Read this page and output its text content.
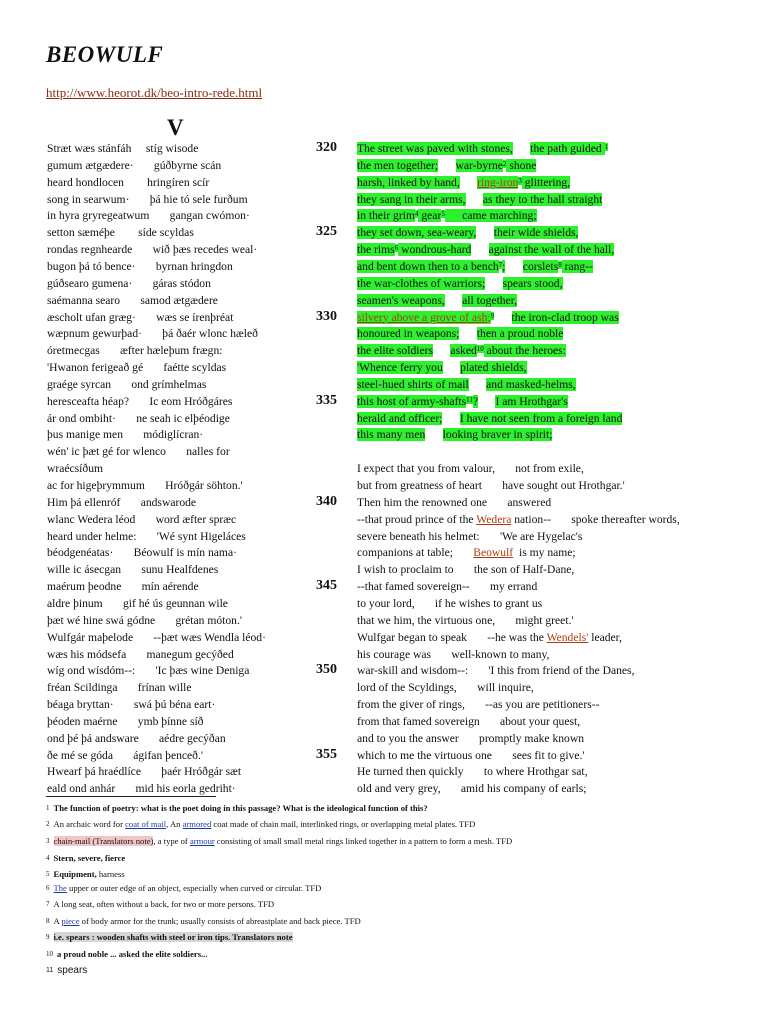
BEOWULF
http://www.heorot.dk/beo-intro-rede.html
V
Stræt wæs stánfáh     stíg wisode	320 The street was paved with stones, the path guided $^1$
gumum ætgædere·       gúðbyrne scán	the men together; war-byrne$^2$ shone
heard hondlocen        hringíren scír	harsh, linked by hand, ring-iron$^3$ glittering,
song in searwum·       þá hie tó sele furðum	they sang in their arms, as they to the hall straight
in hyra gryregeatwum       gangan cwómon·	in their grim$^4$ gear$^5$      came marching;
setton sæméþe        síde scyldas	325 they set down, sea-weary, their wide shields,
rondas regnhearde       wið þæs recedes weal·	the rims$^6$ wondrous-hard against the wall of the hall,
bugon þá tó bence·       byrnan hringdon	and bent down then to a bench$^7$; corslets$^8$ rang--
gúðsearo gumena·       gáras stódon	the war-clothes of warriors; spears stood,
saémanna searo       samod ætgædere	seamen's weapons, all together,
æscholt ufan græg·       wæs se írenþréat	330 silvery above a grove of ash;$^9$ the iron-clad troop was
wæpnum gewurþad·       þá ðaér wlonc hæleð	honoured in weapons; then a proud noble
óretmecgas       æfter hæleþum frægn:	the elite soldiers asked$^{10}$ about the heroes:
'Hwanon ferigeað gé       faétte scyldas	'Whence ferry you plated shields,
graége syrcan       ond grímhelmas	steel-hued shirts of mail and masked-helms,
heresceafta héap?       Ic eom Hróðgáres	335 this host of army-shafts$^{11}$? I am Hrothgar's
ár ond ombiht·       ne seah ic elþéodige	herald and officer; I have not seen from a foreign land
þus manige men       módiglícran·	this many men looking braver in spirit;
wén' ic þæt gé for wlenco       nalles for
wraécsíðum	I expect that you from valour,       not from exile,
ac for higeþrymmum       Hróðgár söhton.'	but from greatness of heart       have sought out Hrothgar.'
Him þá ellenróf       andswarode	340 Then him the renowned one       answered
wlanc Wedera léod       word æfter spræc	--that proud prince of the Wedera nation--       spoke thereafter words,
heard under helme:       'Wé synt Higeláces	severe beneath his helmet:       'We are Hygelac's
béodgenéatas·       Béowulf is mín nama·	companions at table;       Beowulf  is my name;
wille ic ásecgan       sunu Healfdenes	I wish to proclaim to       the son of Half-Dane,
maérum þeodne       mín aérende	345 --that famed sovereign--       my errand
aldre þinum       gif hé ús geunnan wile	to your lord,       if he wishes to grant us
þæt wé hine swá gódne       grétan móton.'	that we him, the virtuous one,       might greet.'
Wulfgár maþelode       --þæt wæs Wendla léod·	Wulfgar began to speak       --he was the Wendels' leader,
wæs his módsefa       manegum gecýðed	his courage was       well-known to many,
wíg ond wísdóm--:       'Ic þæs wine Deniga	350 war-skill and wisdom--:       'I this from friend of the Danes,
fréan Scildinga       frínan wille	lord of the Scyldings,       will inquire,
béaga bryttan·       swá þú béna eart·	from the giver of rings,       --as you are petitioners--
þéoden maérne       ymb þínne síð	from that famed sovereign       about your quest,
ond þé þá andsware       aédre gecýðan	and to you the answer       promptly make known
ðe mé se góda       ágifan þenceð.'	355 which to me the virtuous one       sees fit to give.'
Hwearf þá hraédlíce       þaér Hróðgár sæt	He turned then quickly       to where Hrothgar sat,
eald ond anhár       mid his eorla gedriht·	old and very grey,       amid his company of earls;
$^1$ The function of poetry: what is the poet doing in this passage? What is the ideological function of this?
$^2$ An archaic word for coat of mail, An armored coat made of chain mail, interlinked rings, or overlapping metal plates. TFD
$^3$ chain-mail (Translators note), a type of armour consisting of small small metal rings linked together in a pattern to form a mesh. TFD
$^4$ Stern, severe, fierce
$^5$ Equipment, harness
$^6$ The upper or outer edge of an object, especially when curved or circular. TFD
$^7$ A long seat, often without a back, for two or more persons. TFD
$^8$ A piece of body armor for the trunk; usually consists of abreastplate and back piece. TFD
$^9$ i.e. spears : wooden shafts with steel or iron tips. Translators note
$^{10}$ a proud noble ... asked the elite soldiers...
$^{11}$ spears
